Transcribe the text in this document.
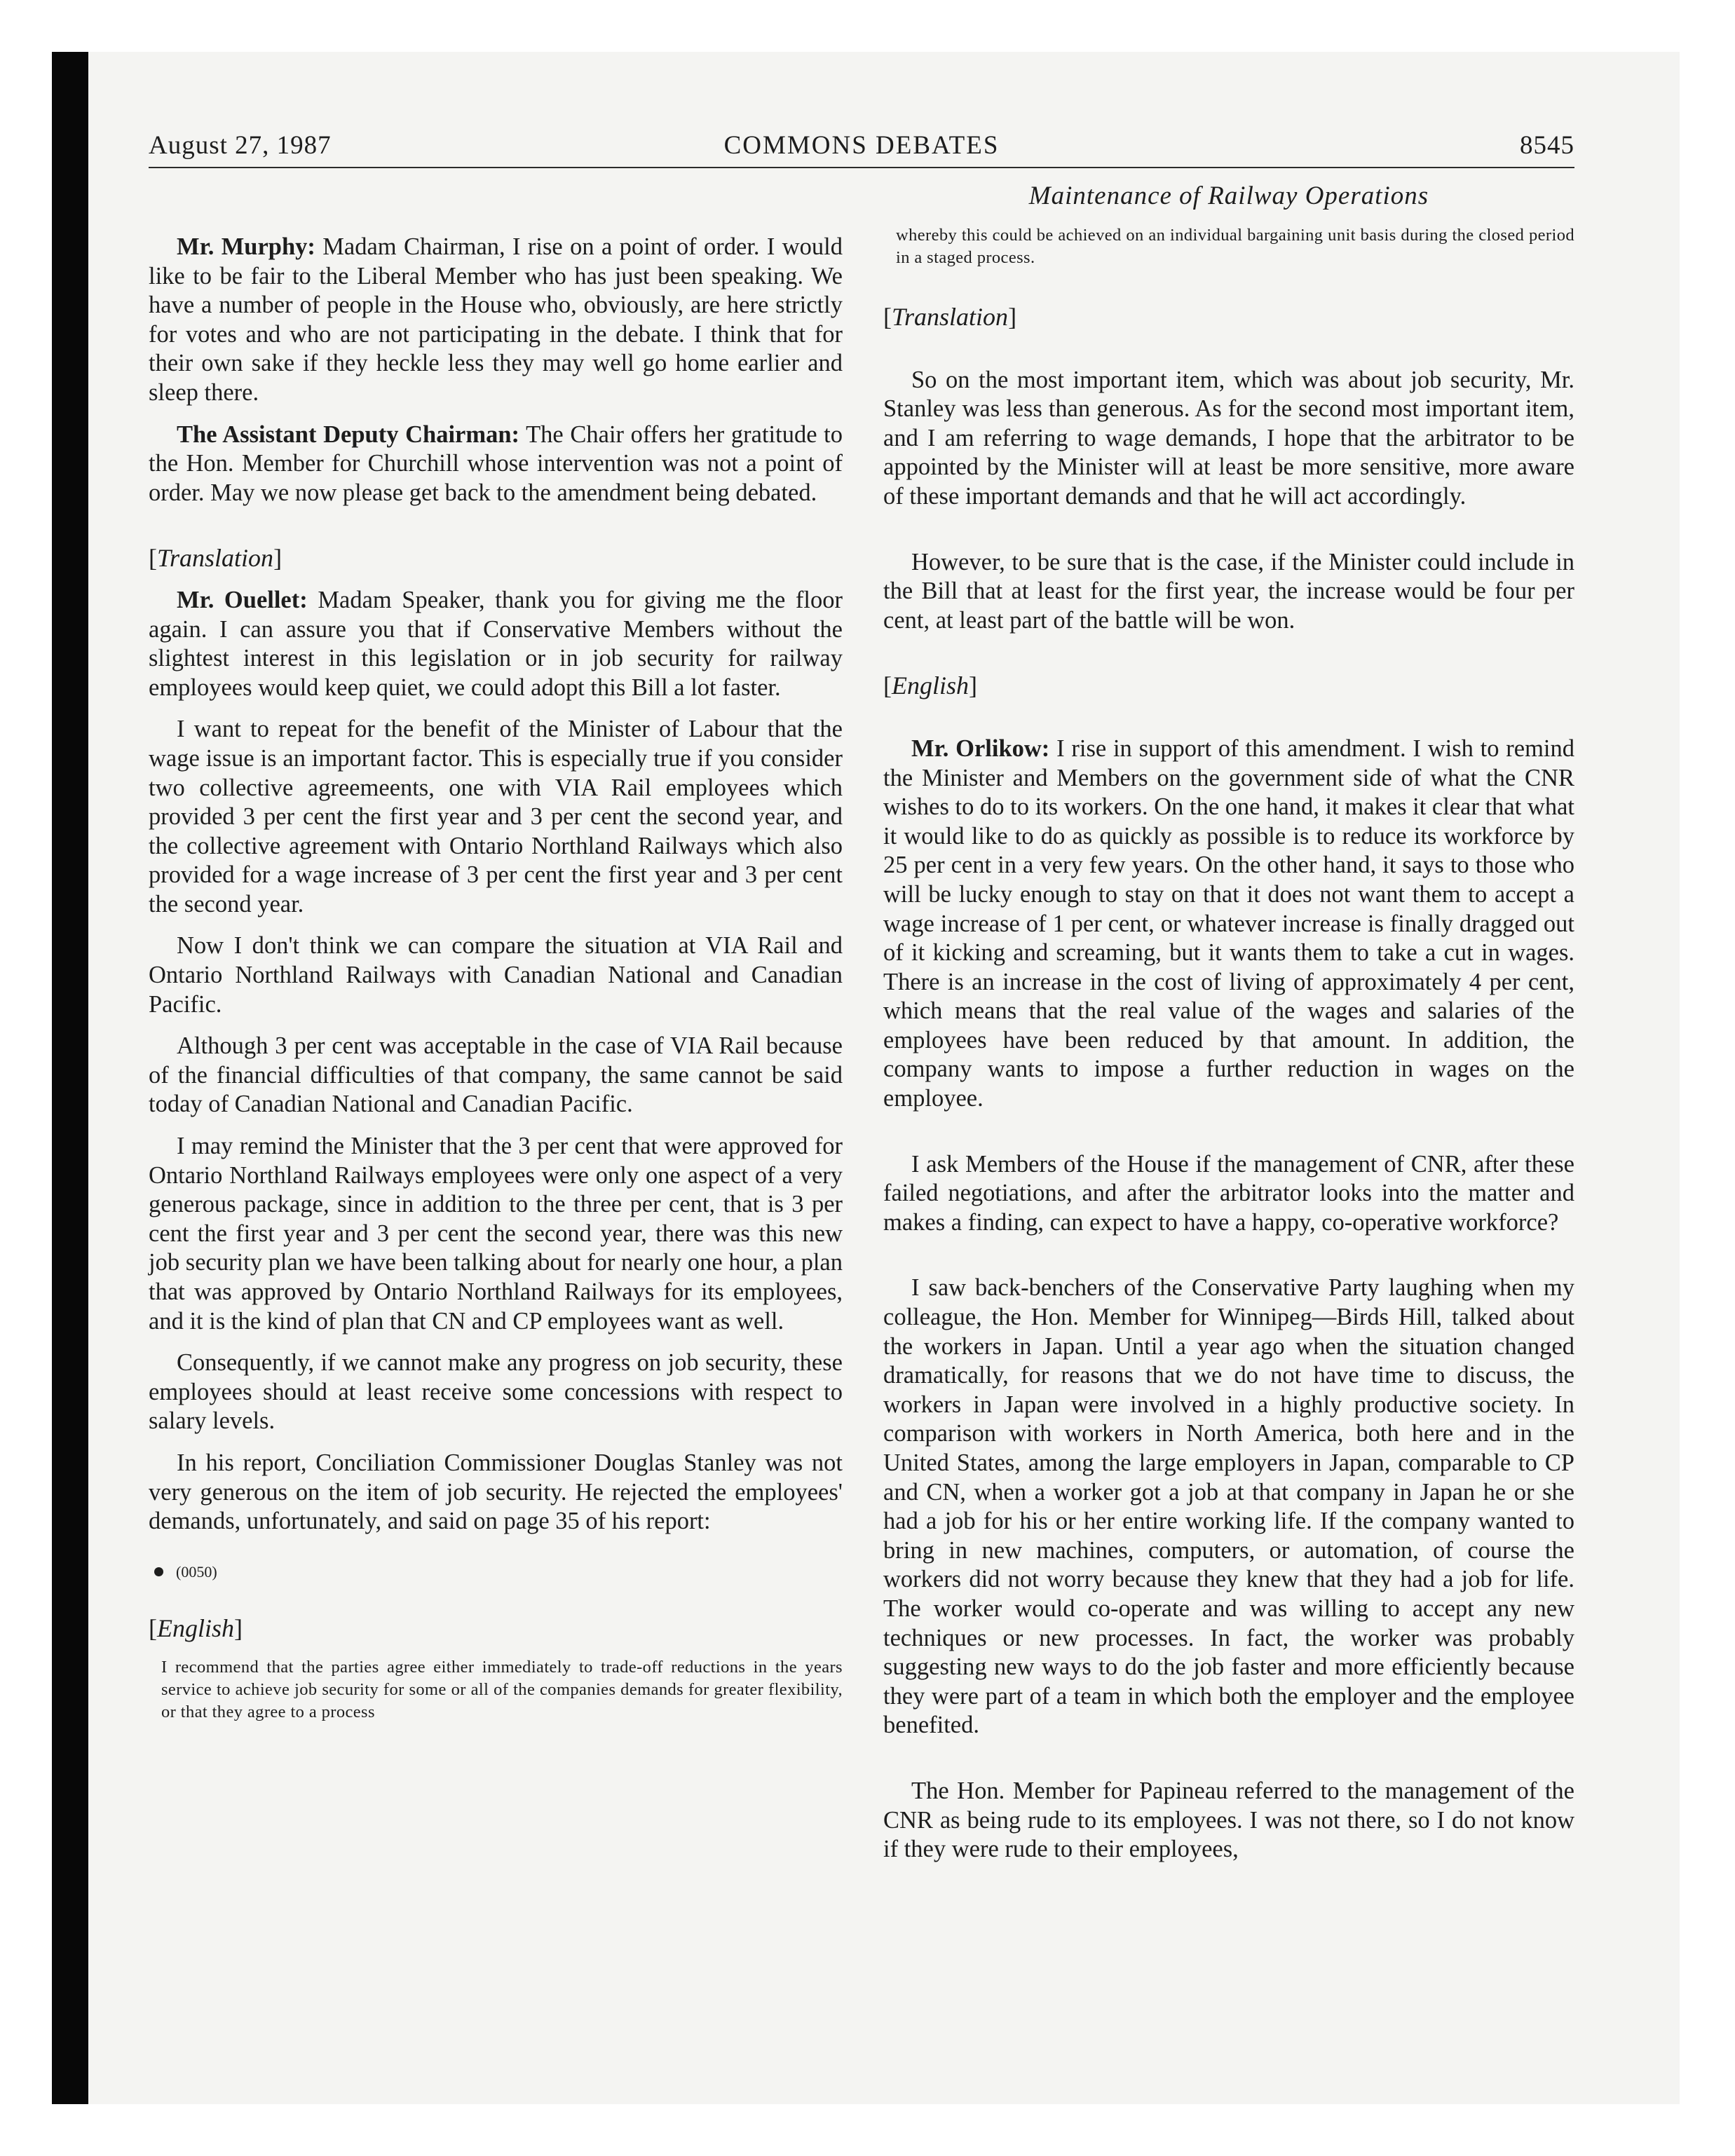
COMMONS DEBATES
August 27, 1987	8545
Maintenance of Railway Operations

Mr. Murphy: Madam Chairman, I rise on a point of order. I would like to be fair to the Liberal Member who has just been speaking. We have a number of people in the House who, obviously, are here strictly for votes and who are not participating in the debate. I think that for their own sake if they heckle less they may well go home earlier and sleep there.

The Assistant Deputy Chairman: The Chair offers her gratitude to the Hon. Member for Churchill whose intervention was not a point of order. May we now please get back to the amendment being debated.

[Translation]

Mr. Ouellet: Madam Speaker, thank you for giving me the floor again. I can assure you that if Conservative Members without the slightest interest in this legislation or in job security for railway employees would keep quiet, we could adopt this Bill a lot faster.

I want to repeat for the benefit of the Minister of Labour that the wage issue is an important factor. This is especially true if you consider two collective agreemeents, one with VIA Rail employees which provided 3 per cent the first year and 3 per cent the second year, and the collective agreement with Ontario Northland Railways which also provided for a wage increase of 3 per cent the first year and 3 per cent the second year.

Now I don't think we can compare the situation at VIA Rail and Ontario Northland Railways with Canadian National and Canadian Pacific.

Although 3 per cent was acceptable in the case of VIA Rail because of the financial difficulties of that company, the same cannot be said today of Canadian National and Canadian Pacific.

I may remind the Minister that the 3 per cent that were approved for Ontario Northland Railways employees were only one aspect of a very generous package, since in addition to the three per cent, that is 3 per cent the first year and 3 per cent the second year, there was this new job security plan we have been talking about for nearly one hour, a plan that was approved by Ontario Northland Railways for its employees, and it is the kind of plan that CN and CP employees want as well.

Consequently, if we cannot make any progress on job security, these employees should at least receive some concessions with respect to salary levels.

In his report, Conciliation Commissioner Douglas Stanley was not very generous on the item of job security. He rejected the employees' demands, unfortunately, and said on page 35 of his report:

(0050)
[English]
I recommend that the parties agree either immediately to trade-off reductions in the years service to achieve job security for some or all of the companies demands for greater flexibility, or that they agree to a process
whereby this could be achieved on an individual bargaining unit basis during the closed period in a staged process.
[Translation]

So on the most important item, which was about job security, Mr. Stanley was less than generous. As for the second most important item, and I am referring to wage demands, I hope that the arbitrator to be appointed by the Minister will at least be more sensitive, more aware of these important demands and that he will act accordingly.

However, to be sure that is the case, if the Minister could include in the Bill that at least for the first year, the increase would be four per cent, at least part of the battle will be won.

[English]

Mr. Orlikow: I rise in support of this amendment. I wish to remind the Minister and Members on the government side of what the CNR wishes to do to its workers. On the one hand, it makes it clear that what it would like to do as quickly as possible is to reduce its workforce by 25 per cent in a very few years. On the other hand, it says to those who will be lucky enough to stay on that it does not want them to accept a wage increase of 1 per cent, or whatever increase is finally dragged out of it kicking and screaming, but it wants them to take a cut in wages. There is an increase in the cost of living of approximately 4 per cent, which means that the real value of the wages and salaries of the employees have been reduced by that amount. In addition, the company wants to impose a further reduction in wages on the employee.

I ask Members of the House if the management of CNR, after these failed negotiations, and after the arbitrator looks into the matter and makes a finding, can expect to have a happy, co-operative workforce?

I saw back-benchers of the Conservative Party laughing when my colleague, the Hon. Member for Winnipeg—Birds Hill, talked about the workers in Japan. Until a year ago when the situation changed dramatically, for reasons that we do not have time to discuss, the workers in Japan were involved in a highly productive society. In comparison with workers in North America, both here and in the United States, among the large employers in Japan, comparable to CP and CN, when a worker got a job at that company in Japan he or she had a job for his or her entire working life. If the company wanted to bring in new machines, computers, or automation, of course the workers did not worry because they knew that they had a job for life. The worker would co-operate and was willing to accept any new techniques or new processes. In fact, the worker was probably suggesting new ways to do the job faster and more efficiently because they were part of a team in which both the employer and the employee benefited.

The Hon. Member for Papineau referred to the management of the CNR as being rude to its employees. I was not there, so I do not know if they were rude to their employees,
